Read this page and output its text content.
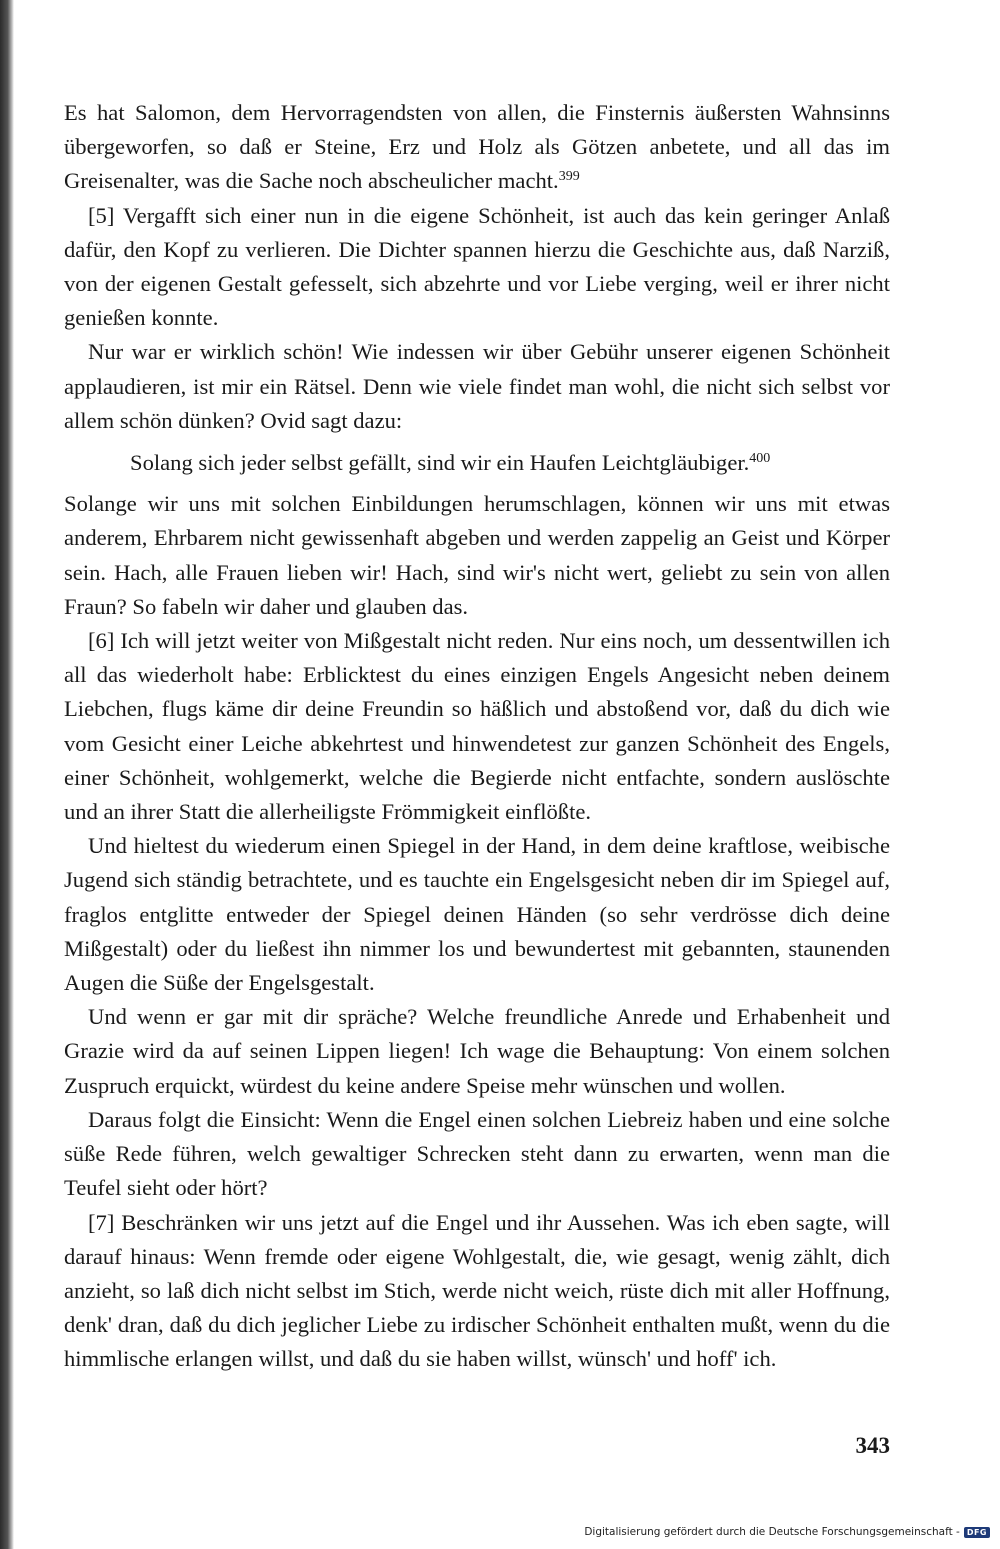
Es hat Salomon, dem Hervorragendsten von allen, die Finsternis äußersten Wahnsinns übergeworfen, so daß er Steine, Erz und Holz als Götzen anbetete, und all das im Greisenalter, was die Sache noch abscheulicher macht.$^{399}$

[5] Vergafft sich einer nun in die eigene Schönheit, ist auch das kein geringer Anlaß dafür, den Kopf zu verlieren. Die Dichter spannen hierzu die Geschichte aus, daß Narziß, von der eigenen Gestalt gefesselt, sich abzehrte und vor Liebe verging, weil er ihrer nicht genießen konnte.

Nur war er wirklich schön! Wie indessen wir über Gebühr unserer eigenen Schönheit applaudieren, ist mir ein Rätsel. Denn wie viele findet man wohl, die nicht sich selbst vor allem schön dünken? Ovid sagt dazu:

Solang sich jeder selbst gefällt, sind wir ein Haufen Leichtgläubiger.$^{400}$

Solange wir uns mit solchen Einbildungen herumschlagen, können wir uns mit etwas anderem, Ehrbarem nicht gewissenhaft abgeben und werden zappelig an Geist und Körper sein. Hach, alle Frauen lieben wir! Hach, sind wir's nicht wert, geliebt zu sein von allen Fraun? So fabeln wir daher und glauben das.

[6] Ich will jetzt weiter von Mißgestalt nicht reden. Nur eins noch, um dessentwillen ich all das wiederholt habe: Erblicktest du eines einzigen Engels Angesicht neben deinem Liebchen, flugs käme dir deine Freundin so häßlich und abstoßend vor, daß du dich wie vom Gesicht einer Leiche abkehrtest und hinwendetest zur ganzen Schönheit des Engels, einer Schönheit, wohlgemerkt, welche die Begierde nicht entfachte, sondern auslöschte und an ihrer Statt die allerheiligste Frömmigkeit einflößte.

Und hieltest du wiederum einen Spiegel in der Hand, in dem deine kraftlose, weibische Jugend sich ständig betrachtete, und es tauchte ein Engelsgesicht neben dir im Spiegel auf, fraglos entglitte entweder der Spiegel deinen Händen (so sehr verdrösse dich deine Mißgestalt) oder du ließest ihn nimmer los und bewundertest mit gebannten, staunenden Augen die Süße der Engelsgestalt.

Und wenn er gar mit dir spräche? Welche freundliche Anrede und Erhabenheit und Grazie wird da auf seinen Lippen liegen! Ich wage die Behauptung: Von einem solchen Zuspruch erquickt, würdest du keine andere Speise mehr wünschen und wollen.

Daraus folgt die Einsicht: Wenn die Engel einen solchen Liebreiz haben und eine solche süße Rede führen, welch gewaltiger Schrecken steht dann zu erwarten, wenn man die Teufel sieht oder hört?

[7] Beschränken wir uns jetzt auf die Engel und ihr Aussehen. Was ich eben sagte, will darauf hinaus: Wenn fremde oder eigene Wohlgestalt, die, wie gesagt, wenig zählt, dich anzieht, so laß dich nicht selbst im Stich, werde nicht weich, rüste dich mit aller Hoffnung, denk' dran, daß du dich jeglicher Liebe zu irdischer Schönheit enthalten mußt, wenn du die himmlische erlangen willst, und daß du sie haben willst, wünsch' und hoff' ich.

343
Digitalisierung gefördert durch die Deutsche Forschungsgemeinschaft - DFG
